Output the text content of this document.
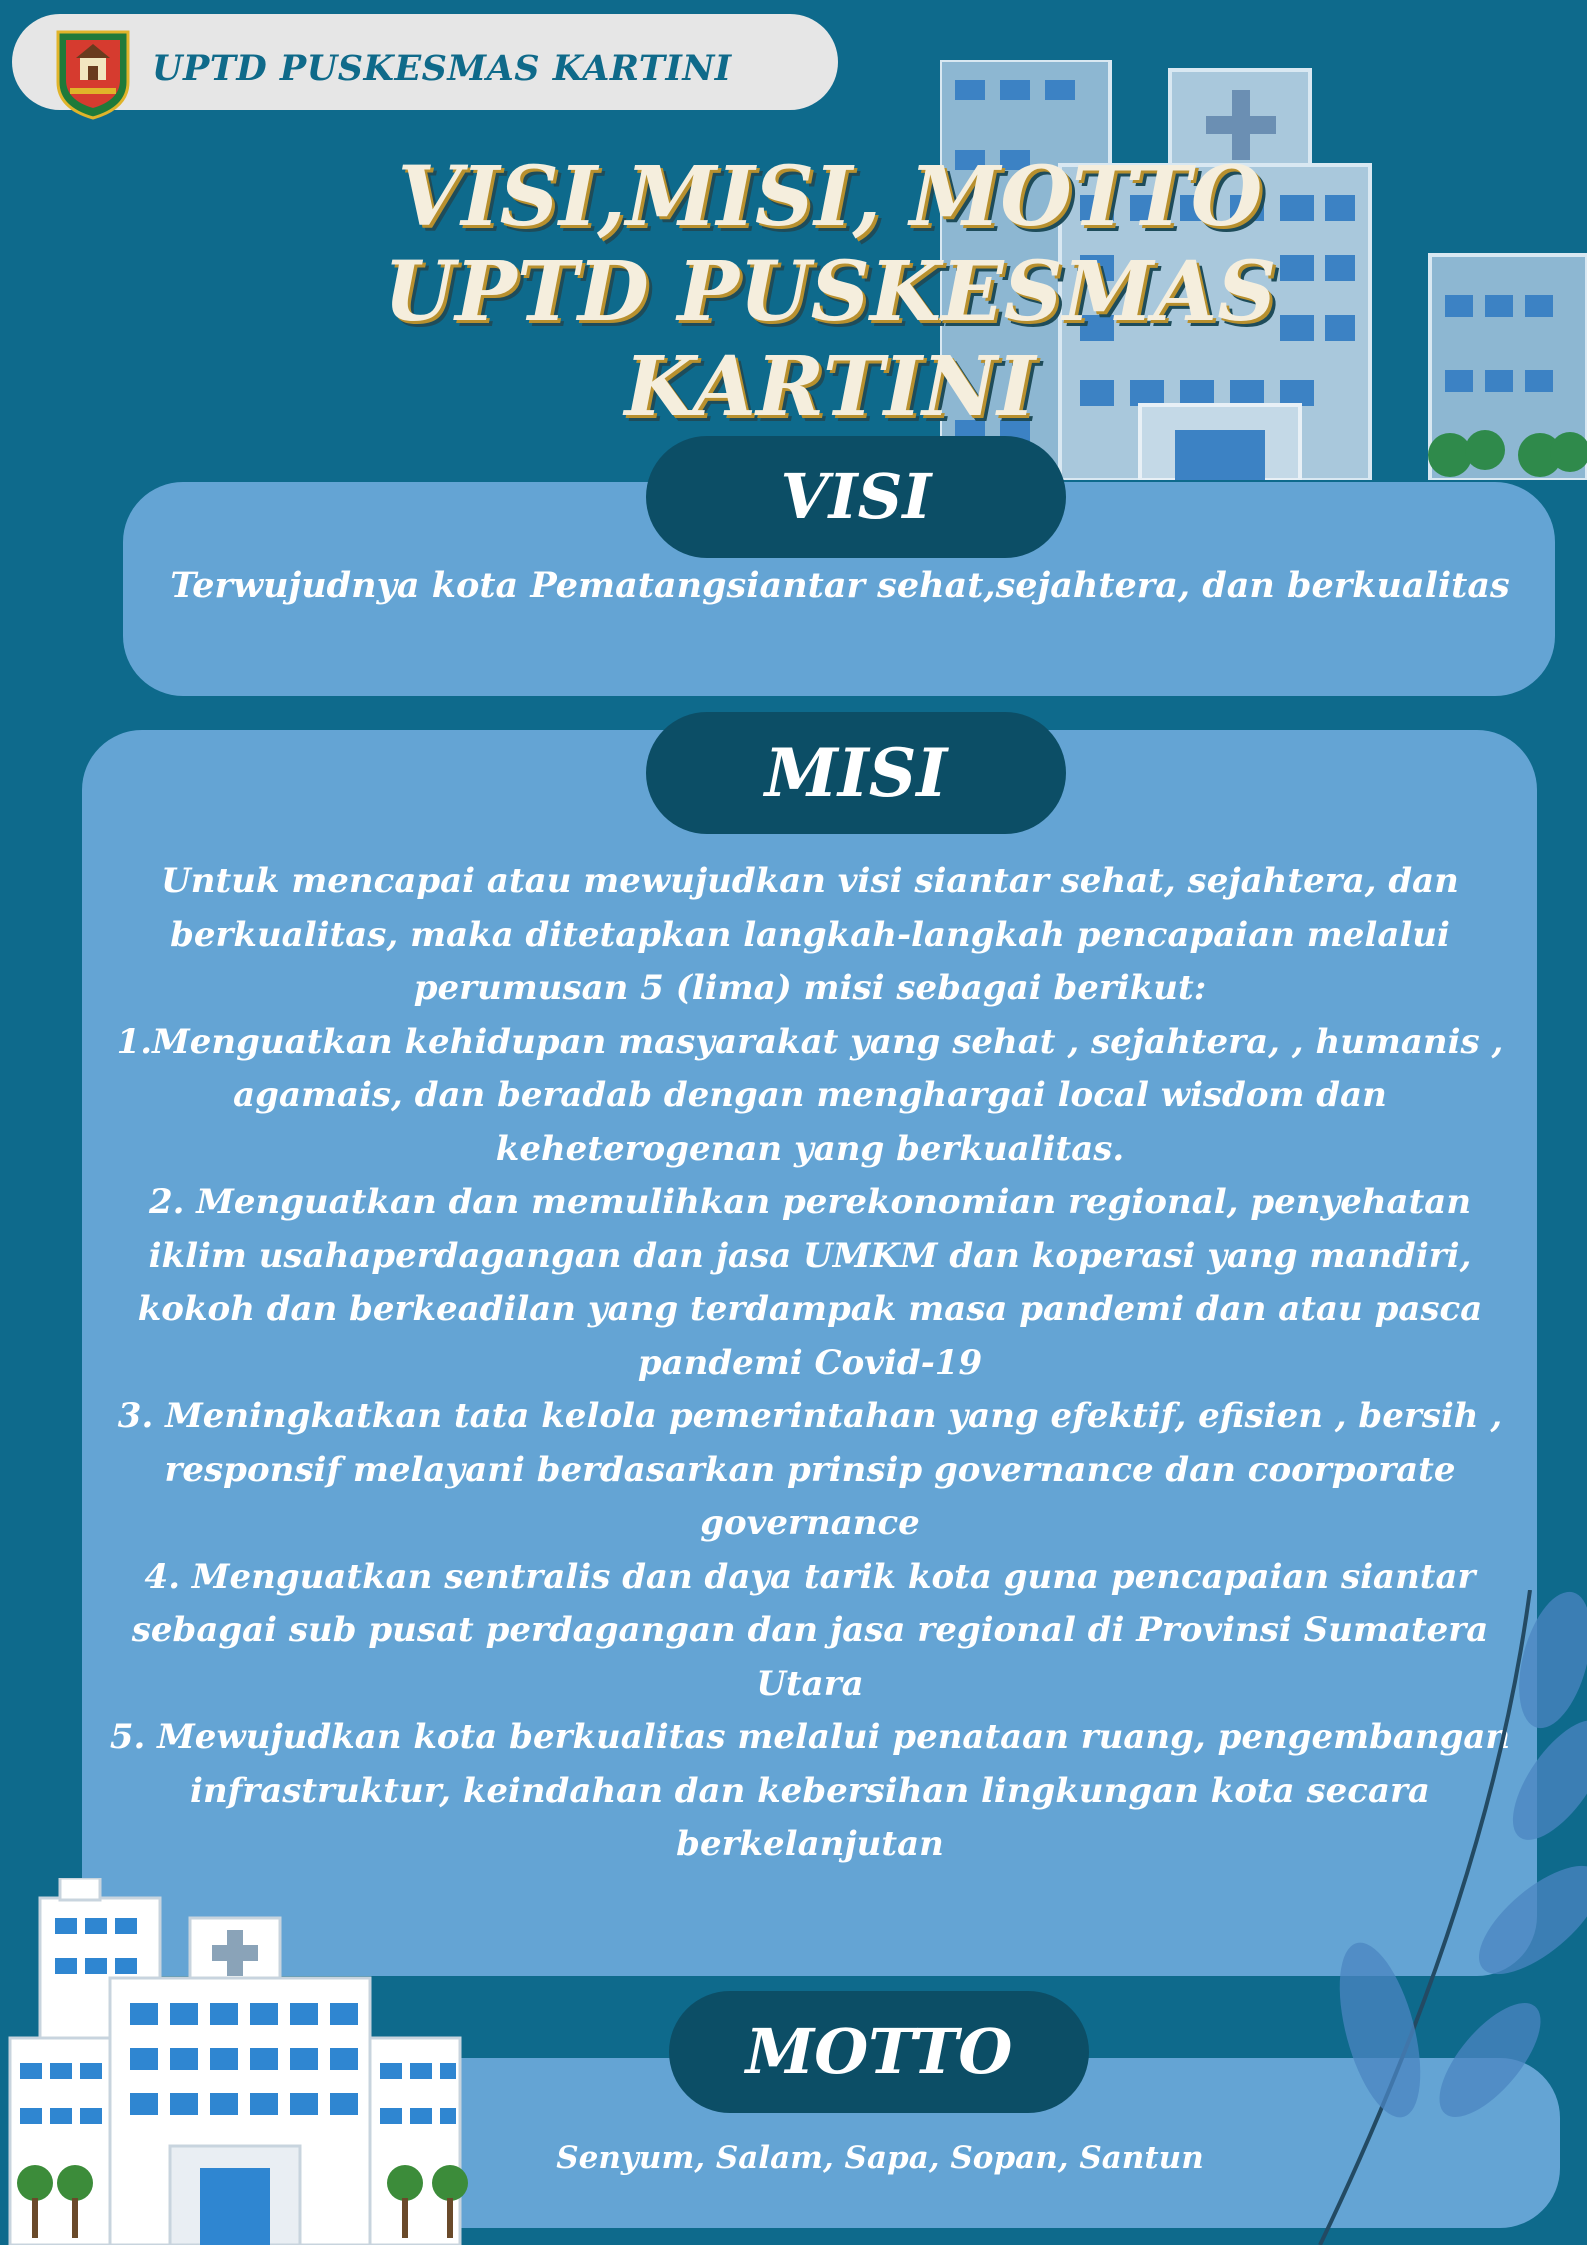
UPTD PUSKESMAS KARTINI
VISI,MISI, MOTTO
UPTD PUSKESMAS
KARTINI
VISI
Terwujudnya kota Pematangsiantar sehat,sejahtera, dan berkualitas
MISI

Untuk mencapai atau mewujudkan visi siantar sehat, sejahtera, dan berkualitas, maka ditetapkan langkah-langkah pencapaian melalui perumusan 5 (lima) misi sebagai berikut:

1.Menguatkan kehidupan masyarakat yang sehat , sejahtera, , humanis , agamais, dan beradab dengan menghargai local wisdom dan keheterogenan yang berkualitas.

2. Menguatkan dan memulihkan perekonomian regional, penyehatan iklim usahaperdagangan dan jasa UMKM dan koperasi yang mandiri, kokoh dan berkeadilan yang terdampak masa pandemi dan atau pasca pandemi Covid-19

3. Meningkatkan tata kelola pemerintahan yang efektif, efisien , bersih , responsif melayani berdasarkan prinsip governance dan coorporate governance

4. Menguatkan sentralis dan daya tarik kota guna pencapaian siantar sebagai sub pusat perdagangan dan jasa regional di Provinsi Sumatera Utara

5. Mewujudkan kota berkualitas melalui penataan ruang, pengembangan infrastruktur, keindahan dan kebersihan lingkungan kota secara berkelanjutan

MOTTO
Senyum, Salam, Sapa, Sopan, Santun
